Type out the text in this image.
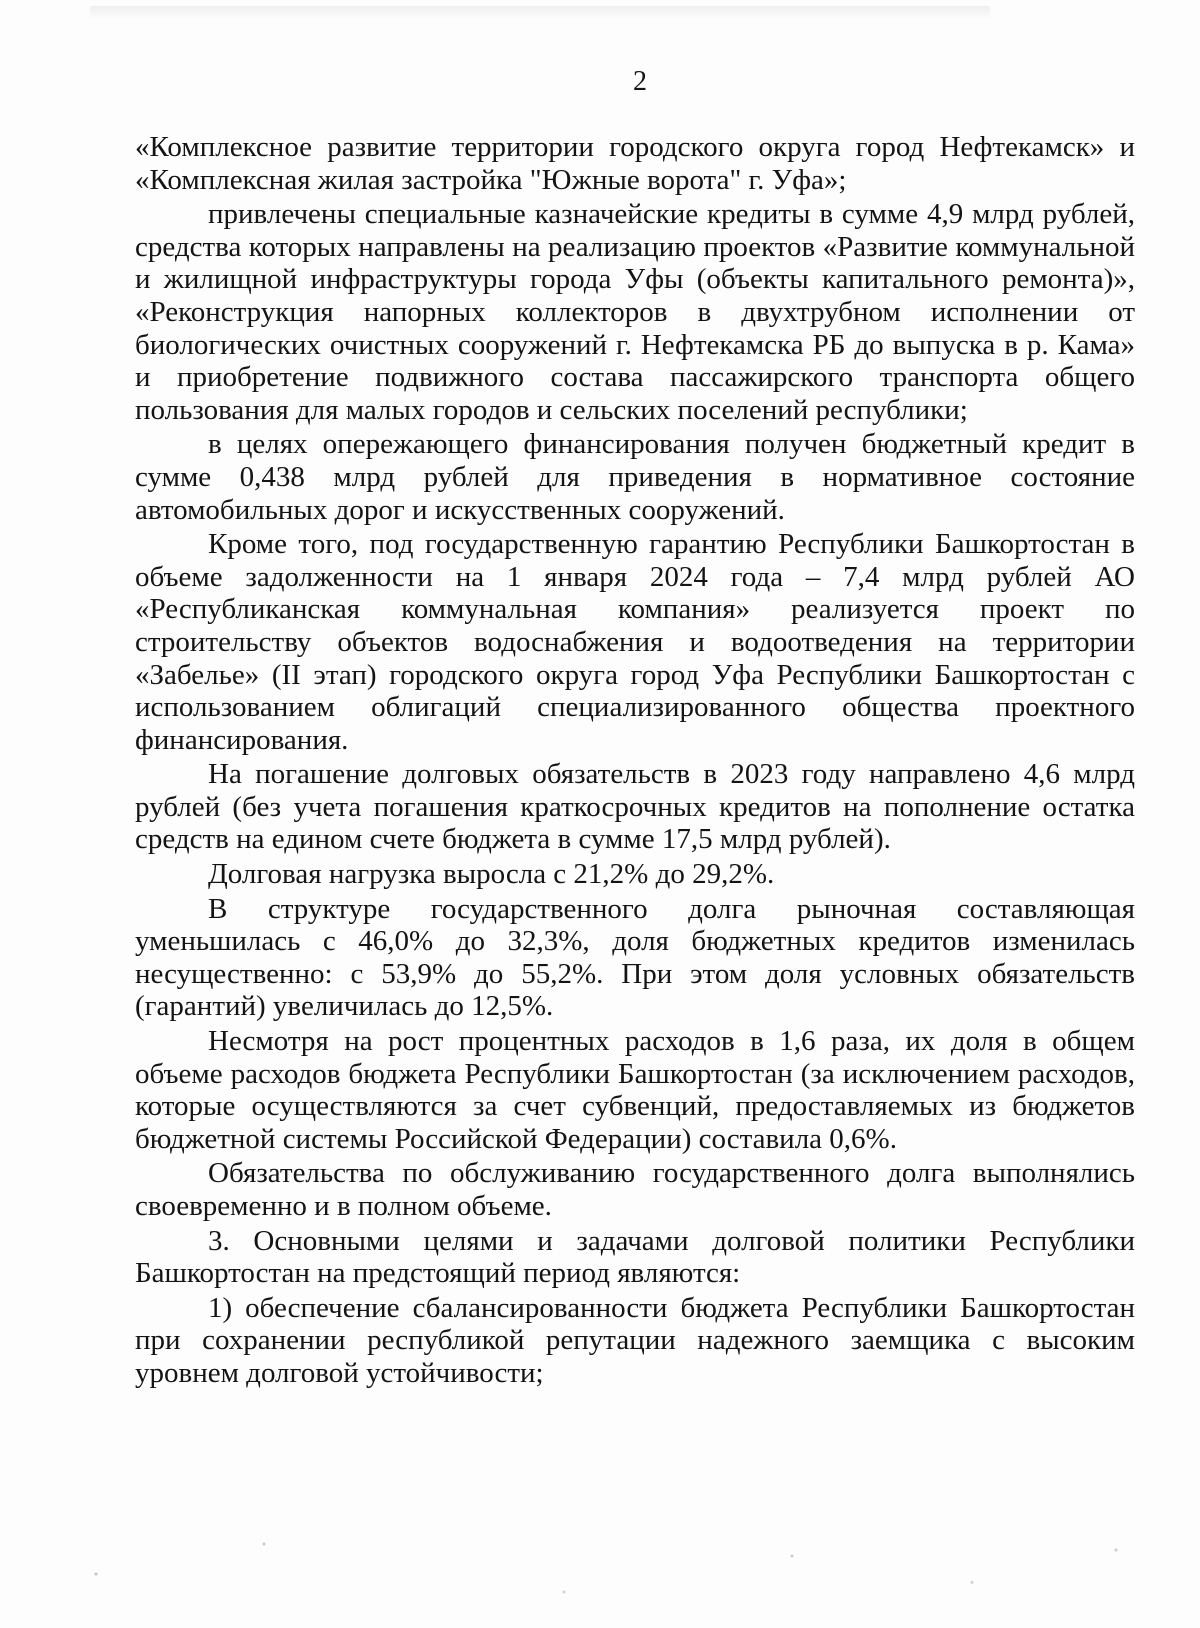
2

«Комплексное развитие территории городского округа город Нефтекамск» и «Комплексная жилая застройка "Южные ворота" г. Уфа»;

привлечены специальные казначейские кредиты в сумме 4,9 млрд рублей, средства которых направлены на реализацию проектов «Развитие коммунальной и жилищной инфраструктуры города Уфы (объекты капитального ремонта)», «Реконструкция напорных коллекторов в двухтрубном исполнении от биологических очистных сооружений г. Нефтекамска РБ до выпуска в р. Кама» и приобретение подвижного состава пассажирского транспорта общего пользования для малых городов и сельских поселений республики;

в целях опережающего финансирования получен бюджетный кредит в сумме 0,438 млрд рублей для приведения в нормативное состояние автомобильных дорог и искусственных сооружений.

Кроме того, под государственную гарантию Республики Башкортостан в объеме задолженности на 1 января 2024 года – 7,4 млрд рублей АО «Республиканская коммунальная компания» реализуется проект по строительству объектов водоснабжения и водоотведения на территории «Забелье» (II этап) городского округа город Уфа Республики Башкортостан с использованием облигаций специализированного общества проектного финансирования.

На погашение долговых обязательств в 2023 году направлено 4,6 млрд рублей (без учета погашения краткосрочных кредитов на пополнение остатка средств на едином счете бюджета в сумме 17,5 млрд рублей).

Долговая нагрузка выросла с 21,2% до 29,2%.

В структуре государственного долга рыночная составляющая уменьшилась с 46,0% до 32,3%, доля бюджетных кредитов изменилась несущественно: с 53,9% до 55,2%. При этом доля условных обязательств (гарантий) увеличилась до 12,5%.

Несмотря на рост процентных расходов в 1,6 раза, их доля в общем объеме расходов бюджета Республики Башкортостан (за исключением расходов, которые осуществляются за счет субвенций, предоставляемых из бюджетов бюджетной системы Российской Федерации) составила 0,6%.

Обязательства по обслуживанию государственного долга выполнялись своевременно и в полном объеме.

3. Основными целями и задачами долговой политики Республики Башкортостан на предстоящий период являются:

1) обеспечение сбалансированности бюджета Республики Башкортостан при сохранении республикой репутации надежного заемщика с высоким уровнем долговой устойчивости;
